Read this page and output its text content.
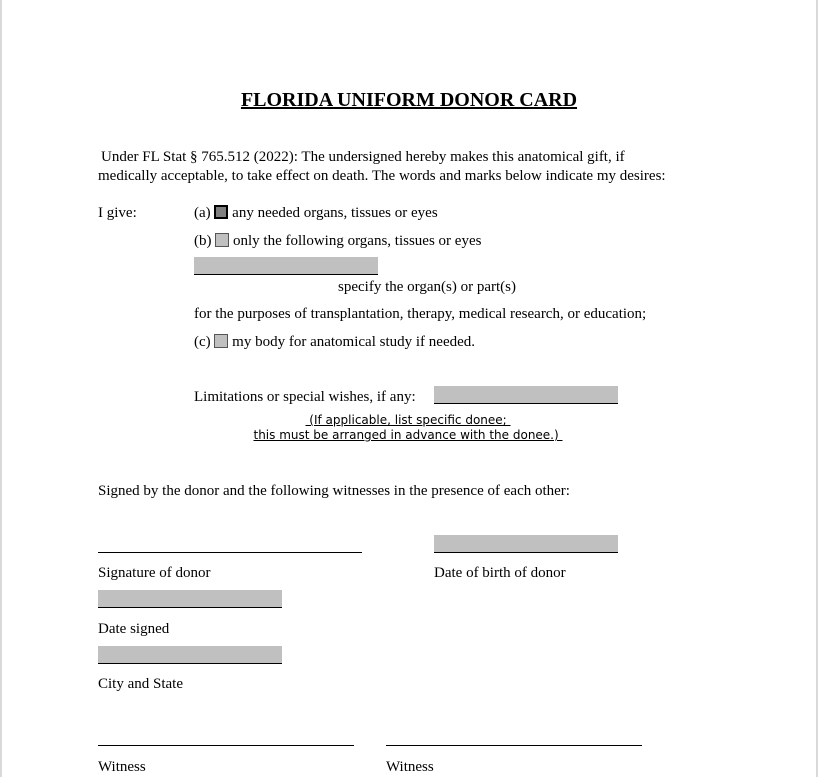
FLORIDA UNIFORM DONOR CARD
Under FL Stat § 765.512 (2022): The undersigned hereby makes this anatomical gift, if
medically acceptable, to take effect on death. The words and marks below indicate my desires:
I give:	(a) any needed organs, tissues or eyes
(b) only the following organs, tissues or eyes
specify the organ(s) or part(s)
for the purposes of transplantation, therapy, medical research, or education;
(c) my body for anatomical study if needed.
Limitations or special wishes, if any:
(If applicable, list specific donee;
this must be arranged in advance with the donee.)
Signed by the donor and the following witnesses in the presence of each other:
Signature of donor	Date of birth of donor
Date signed
City and State
Witness	Witness
